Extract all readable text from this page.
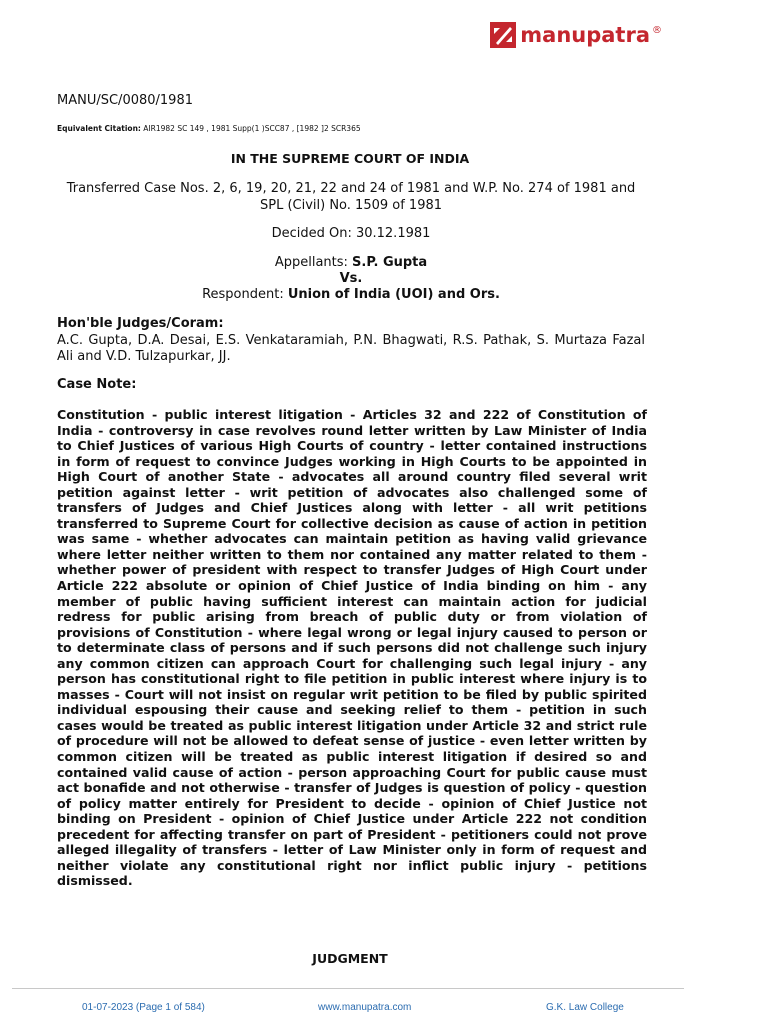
manupatra ®
MANU/SC/0080/1981
Equivalent Citation: AIR1982 SC 149 , 1981 Supp(1 )SCC87 , [1982 ]2 SCR365
IN THE SUPREME COURT OF INDIA
Transferred Case Nos. 2, 6, 19, 20, 21, 22 and 24 of 1981 and W.P. No. 274 of 1981 and SPL (Civil) No. 1509 of 1981
Decided On: 30.12.1981
Appellants: S.P. Gupta
Vs.
Respondent: Union of India (UOI) and Ors.
Hon'ble Judges/Coram:
A.C. Gupta, D.A. Desai, E.S. Venkataramiah, P.N. Bhagwati, R.S. Pathak, S. Murtaza Fazal Ali and V.D. Tulzapurkar, JJ.
Case Note:
Constitution - public interest litigation - Articles 32 and 222 of Constitution of India - controversy in case revolves round letter written by Law Minister of India to Chief Justices of various High Courts of country - letter contained instructions in form of request to convince Judges working in High Courts to be appointed in High Court of another State - advocates all around country filed several writ petition against letter - writ petition of advocates also challenged some of transfers of Judges and Chief Justices along with letter - all writ petitions transferred to Supreme Court for collective decision as cause of action in petition was same - whether advocates can maintain petition as having valid grievance where letter neither written to them nor contained any matter related to them - whether power of president with respect to transfer Judges of High Court under Article 222 absolute or opinion of Chief Justice of India binding on him - any member of public having sufficient interest can maintain action for judicial redress for public arising from breach of public duty or from violation of provisions of Constitution - where legal wrong or legal injury caused to person or to determinate class of persons and if such persons did not challenge such injury any common citizen can approach Court for challenging such legal injury - any person has constitutional right to file petition in public interest where injury is to masses - Court will not insist on regular writ petition to be filed by public spirited individual espousing their cause and seeking relief to them - petition in such cases would be treated as public interest litigation under Article 32 and strict rule of procedure will not be allowed to defeat sense of justice - even letter written by common citizen will be treated as public interest litigation if desired so and contained valid cause of action - person approaching Court for public cause must act bonafide and not otherwise - transfer of Judges is question of policy - question of policy matter entirely for President to decide - opinion of Chief Justice not binding on President - opinion of Chief Justice under Article 222 not condition precedent for affecting transfer on part of President - petitioners could not prove alleged illegality of transfers - letter of Law Minister only in form of request and neither violate any constitutional right nor inflict public injury - petitions dismissed.
JUDGMENT
01-07-2023 (Page 1 of 584)	www.manupatra.com	G.K. Law College
